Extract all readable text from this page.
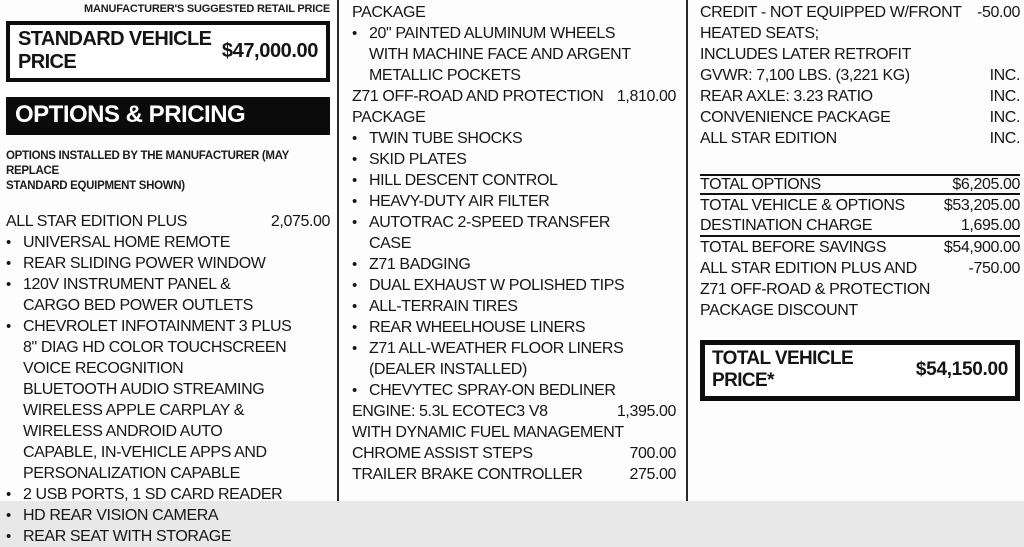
MANUFACTURER'S SUGGESTED RETAIL PRICE
STANDARD VEHICLE PRICE
$47,000.00
OPTIONS & PRICING
OPTIONS INSTALLED BY THE MANUFACTURER (MAY REPLACE
STANDARD EQUIPMENT SHOWN)
ALL STAR EDITION PLUS	2,075.00
• UNIVERSAL HOME REMOTE
• REAR SLIDING POWER WINDOW
• 120V INSTRUMENT PANEL &
CARGO BED POWER OUTLETS
• CHEVROLET INFOTAINMENT 3 PLUS
8" DIAG HD COLOR TOUCHSCREEN
VOICE RECOGNITION
BLUETOOTH AUDIO STREAMING
WIRELESS APPLE CARPLAY &
WIRELESS ANDROID AUTO
CAPABLE, IN-VEHICLE APPS AND
PERSONALIZATION CAPABLE
• 2 USB PORTS, 1 SD CARD READER
• HD REAR VISION CAMERA
• REAR SEAT WITH STORAGE
PACKAGE
• 20" PAINTED ALUMINUM WHEELS
WITH MACHINE FACE AND ARGENT
METALLIC POCKETS
Z71 OFF-ROAD AND PROTECTION 1,810.00
PACKAGE
• TWIN TUBE SHOCKS
• SKID PLATES
• HILL DESCENT CONTROL
• HEAVY-DUTY AIR FILTER
• AUTOTRAC 2-SPEED TRANSFER
CASE
• Z71 BADGING
• DUAL EXHAUST W POLISHED TIPS
• ALL-TERRAIN TIRES
• REAR WHEELHOUSE LINERS
• Z71 ALL-WEATHER FLOOR LINERS
(DEALER INSTALLED)
• CHEVYTEC SPRAY-ON BEDLINER
ENGINE: 5.3L ECOTEC3 V8	1,395.00
WITH DYNAMIC FUEL MANAGEMENT
CHROME ASSIST STEPS	700.00
TRAILER BRAKE CONTROLLER	275.00
CREDIT - NOT EQUIPPED W/FRONT -50.00
HEATED SEATS;
INCLUDES LATER RETROFIT
GVWR: 7,100 LBS. (3,221 KG)	INC.
REAR AXLE: 3.23 RATIO	INC.
CONVENIENCE PACKAGE	INC.
ALL STAR EDITION	INC.
TOTAL OPTIONS	$6,205.00
TOTAL VEHICLE & OPTIONS	$53,205.00
DESTINATION CHARGE	1,695.00
TOTAL BEFORE SAVINGS	$54,900.00
ALL STAR EDITION PLUS AND	-750.00
Z71 OFF-ROAD & PROTECTION
PACKAGE DISCOUNT
TOTAL VEHICLE PRICE*
$54,150.00
